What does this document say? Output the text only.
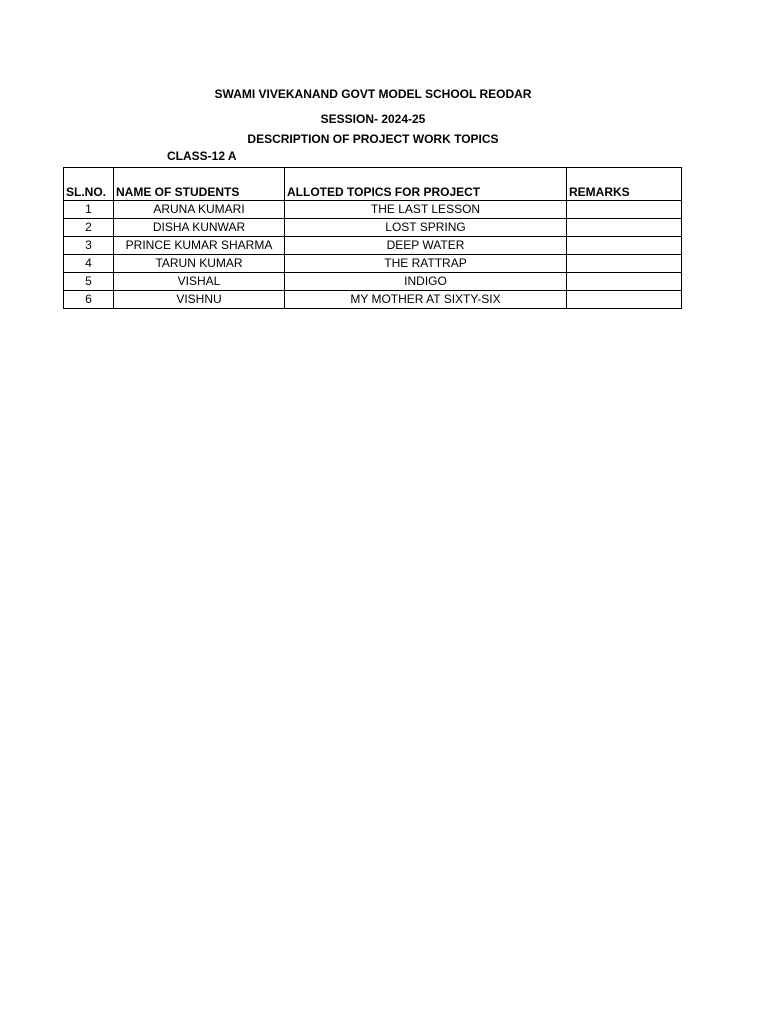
SWAMI VIVEKANAND GOVT MODEL SCHOOL REODAR
SESSION- 2024-25
DESCRIPTION OF PROJECT WORK TOPICS
CLASS-12 A
SL.NO.	NAME OF STUDENTS	ALLOTED TOPICS FOR PROJECT	REMARKS
1	ARUNA KUMARI	THE LAST LESSON	
2	DISHA KUNWAR	LOST SPRING	
3	PRINCE KUMAR SHARMA	DEEP WATER	
4	TARUN KUMAR	THE RATTRAP	
5	VISHAL	INDIGO	
6	VISHNU	MY MOTHER AT SIXTY-SIX	
